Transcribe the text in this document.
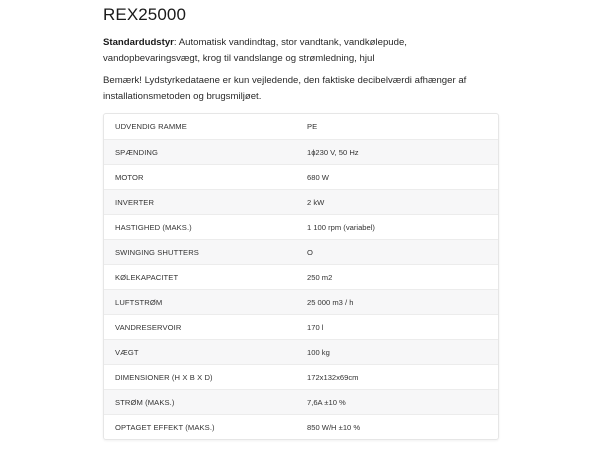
REX25000

Standardudstyr: Automatisk vandindtag, stor vandtank, vandkølepude, vandopbevaringsvægt, krog til vandslange og strømledning, hjul

Bemærk! Lydstyrkedataene er kun vejledende, den faktiske decibelværdi afhænger af installationsmetoden og brugsmiljøet.

UDVENDIG RAMME	PE
SPÆNDING	1ɸ230 V, 50 Hz
MOTOR	680 W
INVERTER	2 kW
HASTIGHED (MAKS.)	1 100 rpm (variabel)
SWINGING SHUTTERS	O
KØLEKAPACITET	250 m2
LUFTSTRØM	25 000 m3 / h
VANDRESERVOIR	170 l
VÆGT	100 kg
DIMENSIONER (H X B X D)	172x132x69cm
STRØM (MAKS.)	7,6A ±10 %
OPTAGET EFFEKT (MAKS.)	850 W/H ±10 %
